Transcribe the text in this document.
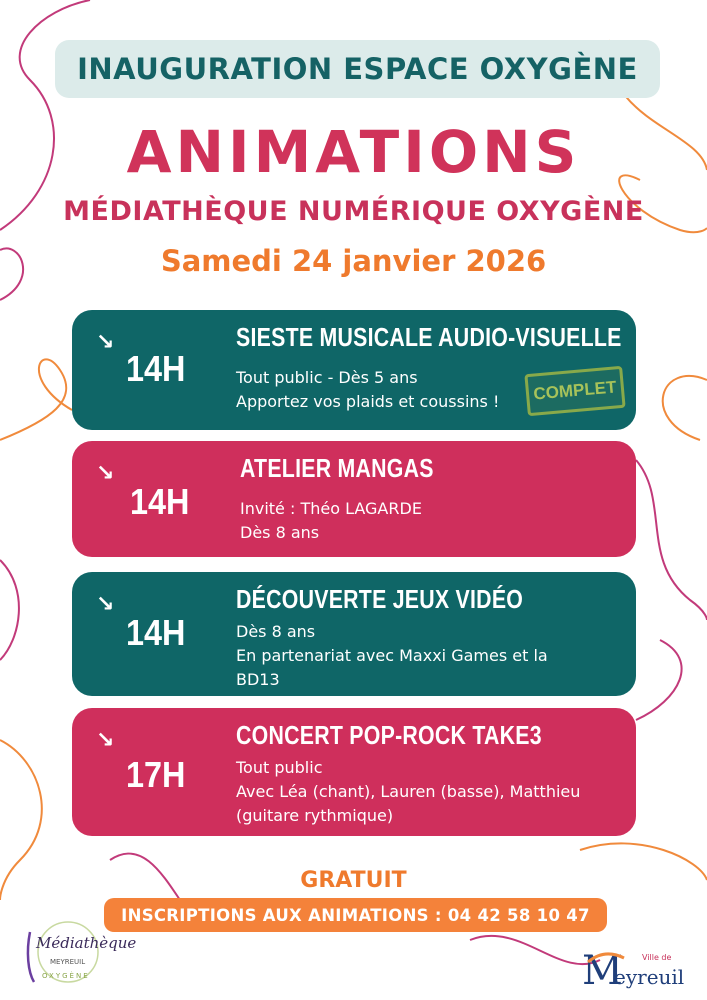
INAUGURATION ESPACE OXYGÈNE
ANIMATIONS
MÉDIATHÈQUE NUMÉRIQUE OXYGÈNE
Samedi 24 janvier 2026
↘
14H
SIESTE MUSICALE AUDIO-VISUELLE
Tout public - Dès 5 ans
Apportez vos plaids et coussins !	COMPLET
↘
14H
ATELIER MANGAS
Invité : Théo LAGARDE
Dès 8 ans
↘
14H
DÉCOUVERTE JEUX VIDÉO
Dès 8 ans
En partenariat avec Maxxi Games et la
BD13
↘
17H
CONCERT POP-ROCK TAKE3
Tout public
Avec Léa (chant), Lauren (basse), Matthieu
(guitare rythmique)
GRATUIT
INSCRIPTIONS AUX ANIMATIONS : 04 42 58 10 47
Médiathèque
MEYREUIL
OXYGÈNE	M
eyreuil
Ville de
